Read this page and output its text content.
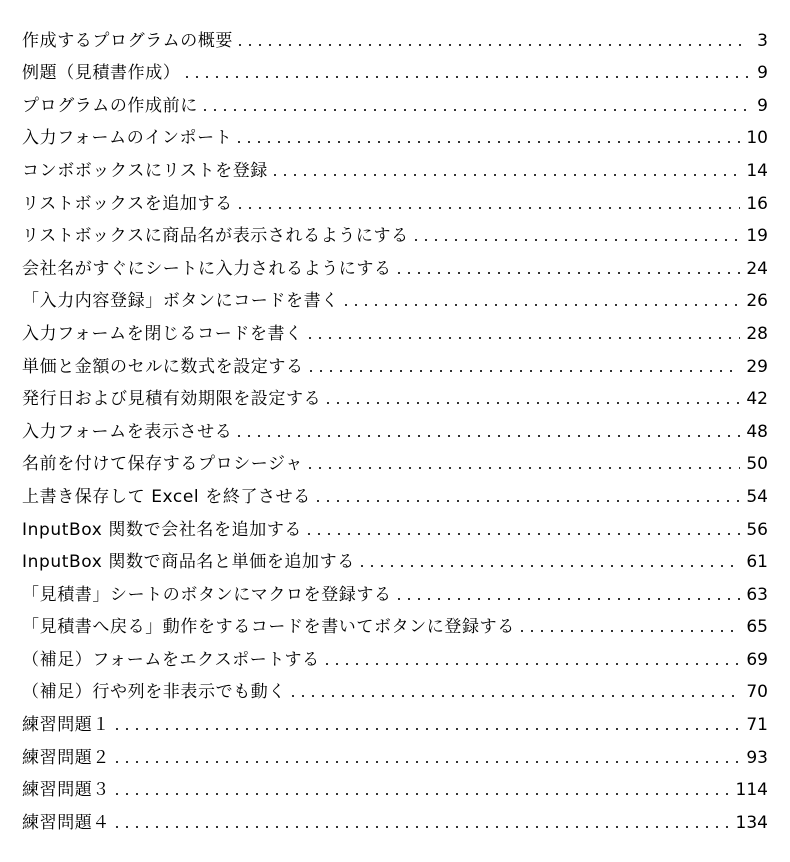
作成するプログラムの概要	3
例題（見積書作成）	9
プログラムの作成前に	9
入力フォームのインポート	10
コンボボックスにリストを登録	14
リストボックスを追加する	16
リストボックスに商品名が表示されるようにする	19
会社名がすぐにシートに入力されるようにする	24
「入力内容登録」ボタンにコードを書く	26
入力フォームを閉じるコードを書く	28
単価と金額のセルに数式を設定する	29
発行日および見積有効期限を設定する	42
入力フォームを表示させる	48
名前を付けて保存するプロシージャ	50
上書き保存して Excel を終了させる	54
InputBox 関数で会社名を追加する	56
InputBox 関数で商品名と単価を追加する	61
「見積書」シートのボタンにマクロを登録する	63
「見積書へ戻る」動作をするコードを書いてボタンに登録する	65
（補足）フォームをエクスポートする	69
（補足）行や列を非表示でも動く	70
練習問題１	71
練習問題２	93
練習問題３	114
練習問題４	134
